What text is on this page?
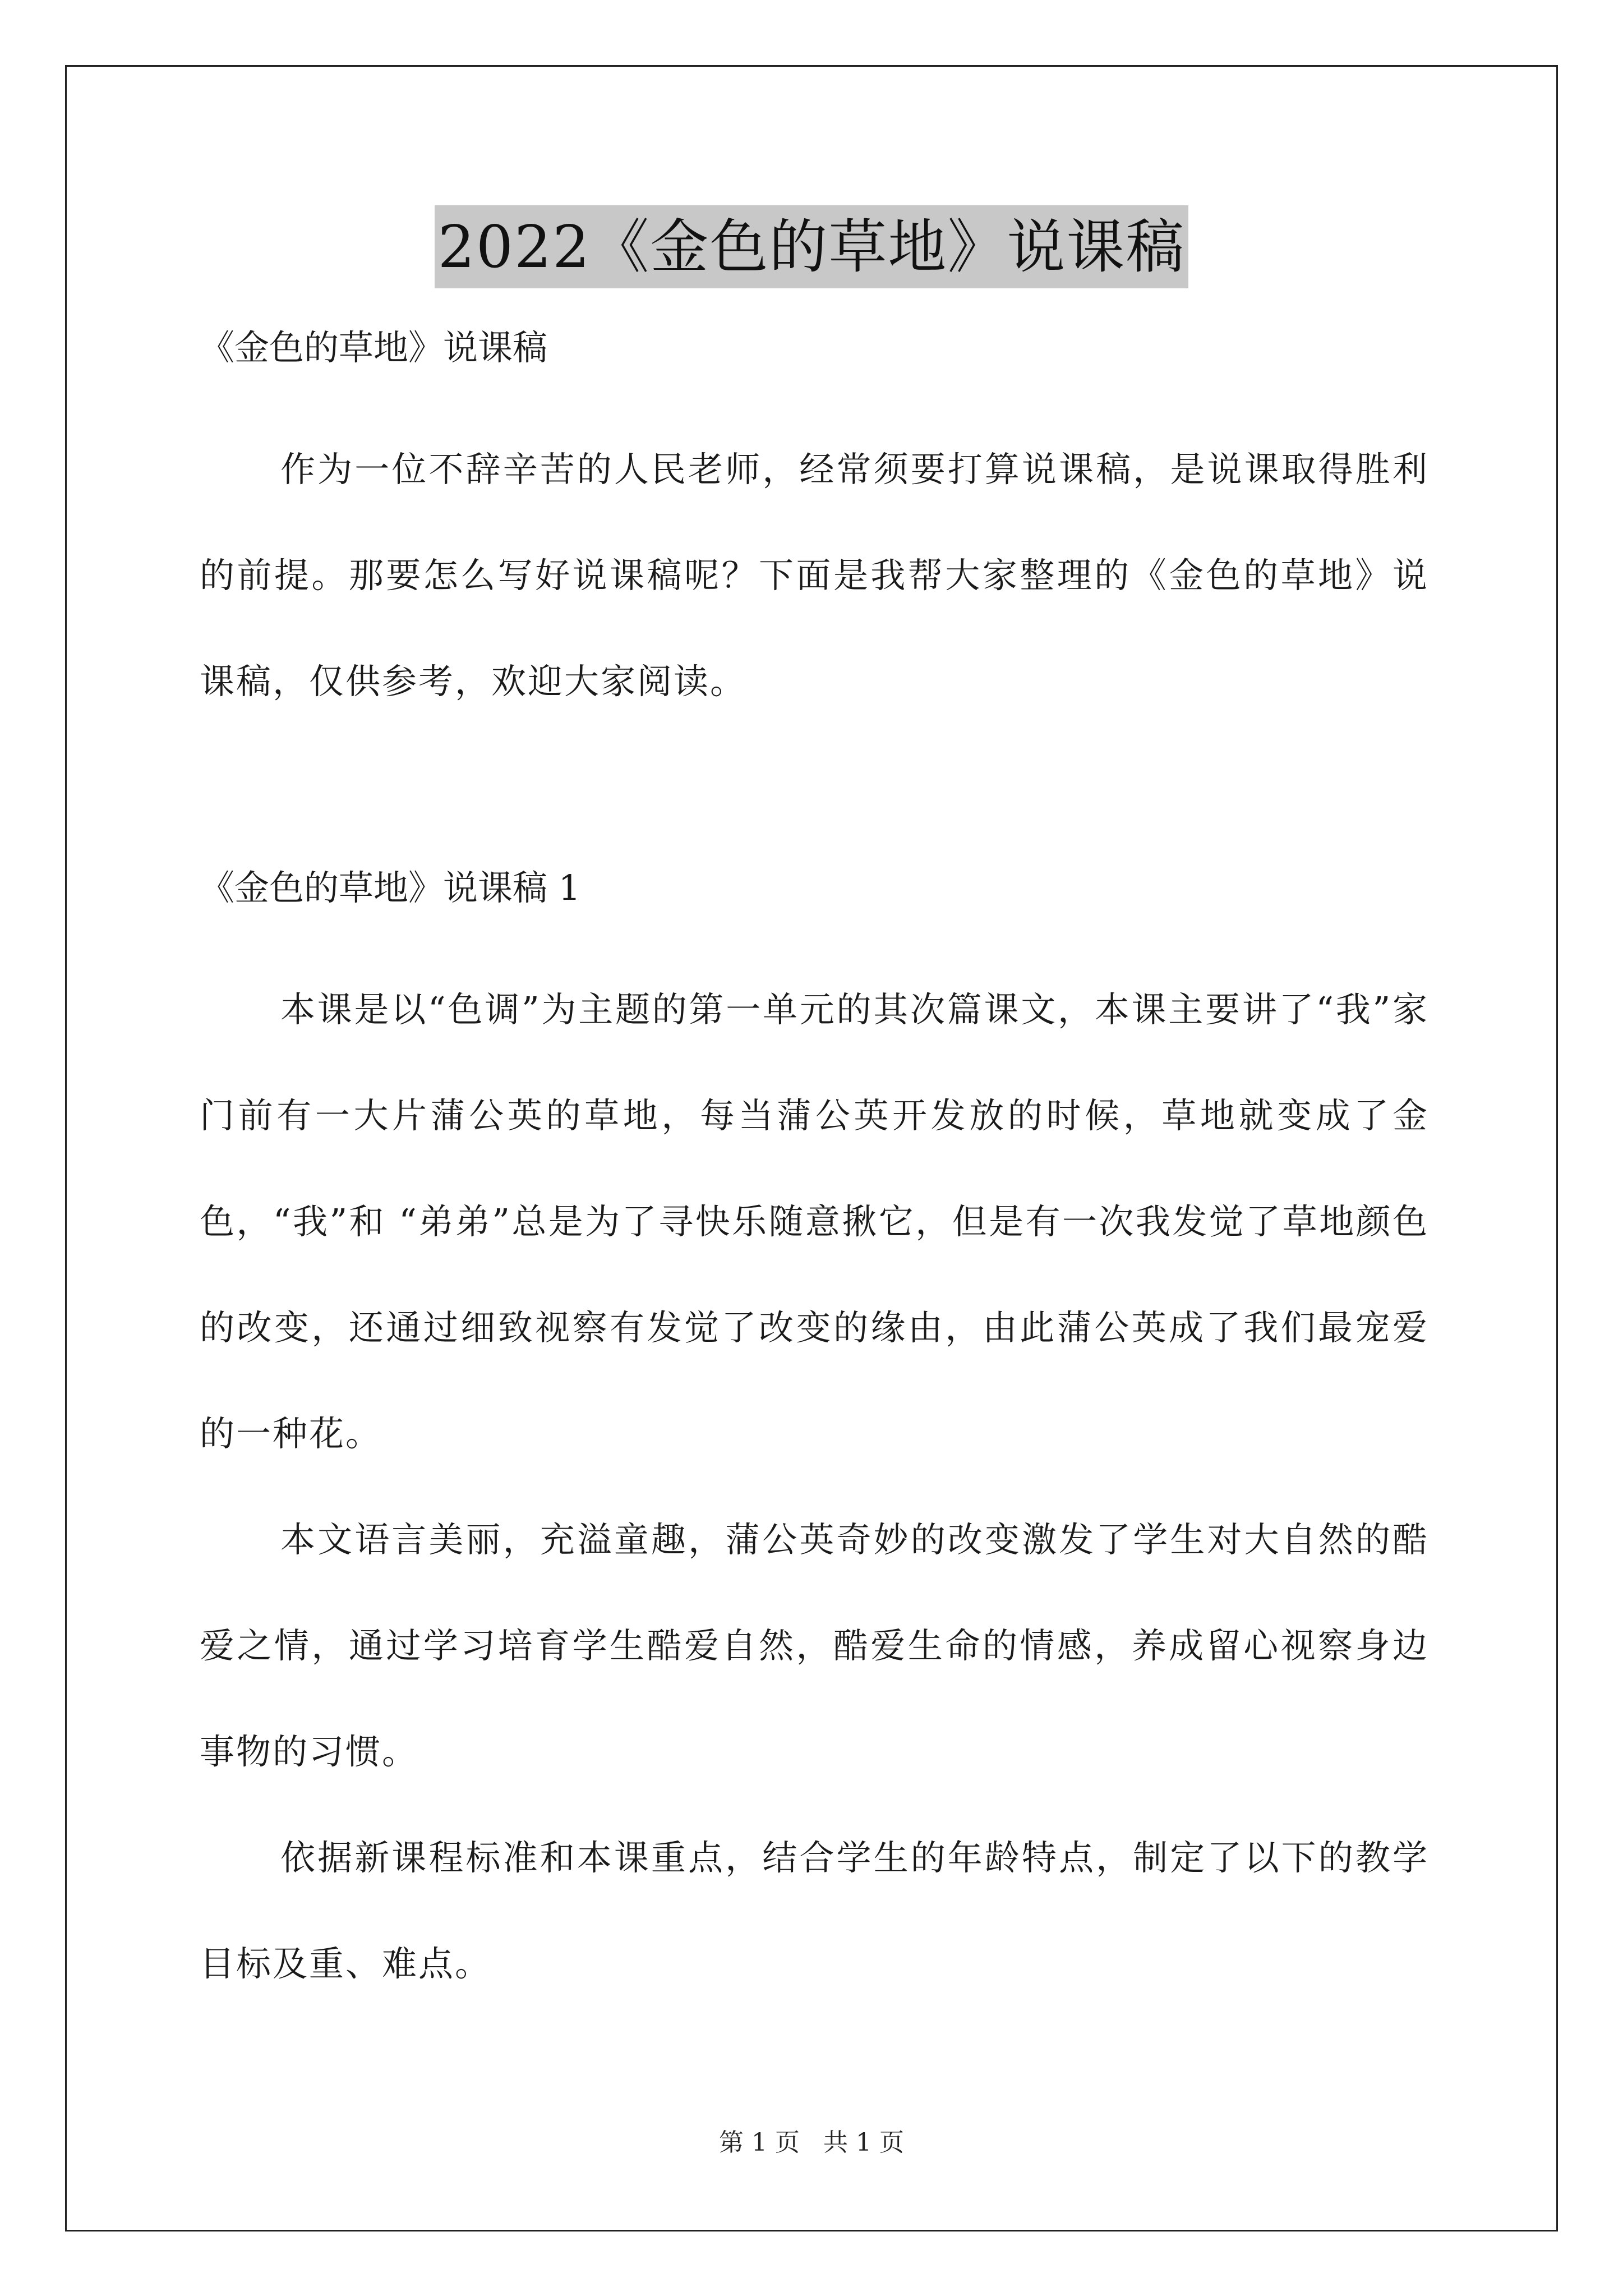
2022《金色的草地》说课稿

《金色的草地》说课稿

作为一位不辞辛苦的人民老师，经常须要打算说课稿，是说课取得胜利的前提。那要怎么写好说课稿呢？下面是我帮大家整理的《金色的草地》说课稿，仅供参考，欢迎大家阅读。

《金色的草地》说课稿 1

本课是以“色调”为主题的第一单元的其次篇课文，本课主要讲了“我”家门前有一大片蒲公英的草地，每当蒲公英开发放的时候，草地就变成了金色，“我”和 “弟弟”总是为了寻快乐随意揪它，但是有一次我发觉了草地颜色的改变，还通过细致视察有发觉了改变的缘由，由此蒲公英成了我们最宠爱的一种花。

本文语言美丽，充溢童趣，蒲公英奇妙的改变激发了学生对大自然的酷爱之情，通过学习培育学生酷爱自然，酷爱生命的情感，养成留心视察身边事物的习惯。

依据新课程标准和本课重点，结合学生的年龄特点，制定了以下的教学目标及重、难点。

第 1 页 共 1 页
